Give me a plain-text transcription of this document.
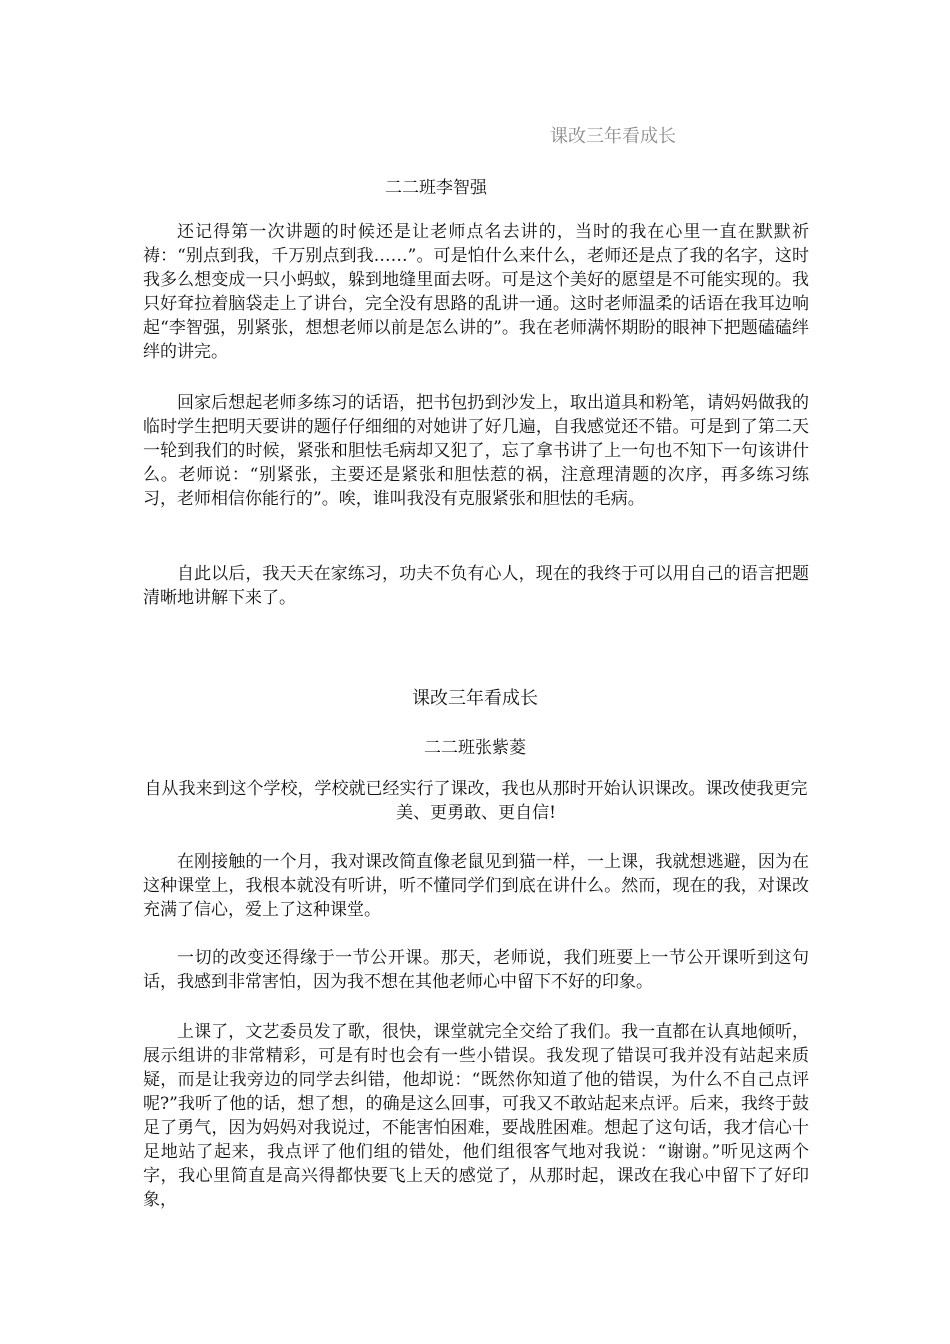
课改三年看成长
二二班李智强

还记得第一次讲题的时候还是让老师点名去讲的，当时的我在心里一直在默默祈祷：“别点到我，千万别点到我……”。可是怕什么来什么，老师还是点了我的名字，这时我多么想变成一只小蚂蚁，躲到地缝里面去呀。可是这个美好的愿望是不可能实现的。我只好耷拉着脑袋走上了讲台，完全没有思路的乱讲一通。这时老师温柔的话语在我耳边响起“李智强，别紧张，想想老师以前是怎么讲的”。我在老师满怀期盼的眼神下把题磕磕绊绊的讲完。

回家后想起老师多练习的话语，把书包扔到沙发上，取出道具和粉笔，请妈妈做我的临时学生把明天要讲的题仔仔细细的对她讲了好几遍，自我感觉还不错。可是到了第二天一轮到我们的时候，紧张和胆怯毛病却又犯了，忘了拿书讲了上一句也不知下一句该讲什么。老师说：“别紧张，主要还是紧张和胆怯惹的祸，注意理清题的次序，再多练习练习，老师相信你能行的”。唉，谁叫我没有克服紧张和胆怯的毛病。

自此以后，我天天在家练习，功夫不负有心人，现在的我终于可以用自己的语言把题清晰地讲解下来了。

课改三年看成长
二二班张紫菱

自从我来到这个学校，学校就已经实行了课改，我也从那时开始认识课改。课改使我更完美、更勇敢、更自信!

在刚接触的一个月，我对课改简直像老鼠见到猫一样，一上课，我就想逃避，因为在这种课堂上，我根本就没有听讲，听不懂同学们到底在讲什么。然而，现在的我，对课改充满了信心，爱上了这种课堂。

一切的改变还得缘于一节公开课。那天，老师说，我们班要上一节公开课听到这句话，我感到非常害怕，因为我不想在其他老师心中留下不好的印象。

上课了，文艺委员发了歌，很快，课堂就完全交给了我们。我一直都在认真地倾听，展示组讲的非常精彩，可是有时也会有一些小错误。我发现了错误可我并没有站起来质疑，而是让我旁边的同学去纠错，他却说：“既然你知道了他的错误，为什么不自己点评呢?”我听了他的话，想了想，的确是这么回事，可我又不敢站起来点评。后来，我终于鼓足了勇气，因为妈妈对我说过，不能害怕困难，要战胜困难。想起了这句话，我才信心十足地站了起来，我点评了他们组的错处，他们组很客气地对我说：“谢谢。”听见这两个字，我心里简直是高兴得都快要飞上天的感觉了，从那时起，课改在我心中留下了好印象，
